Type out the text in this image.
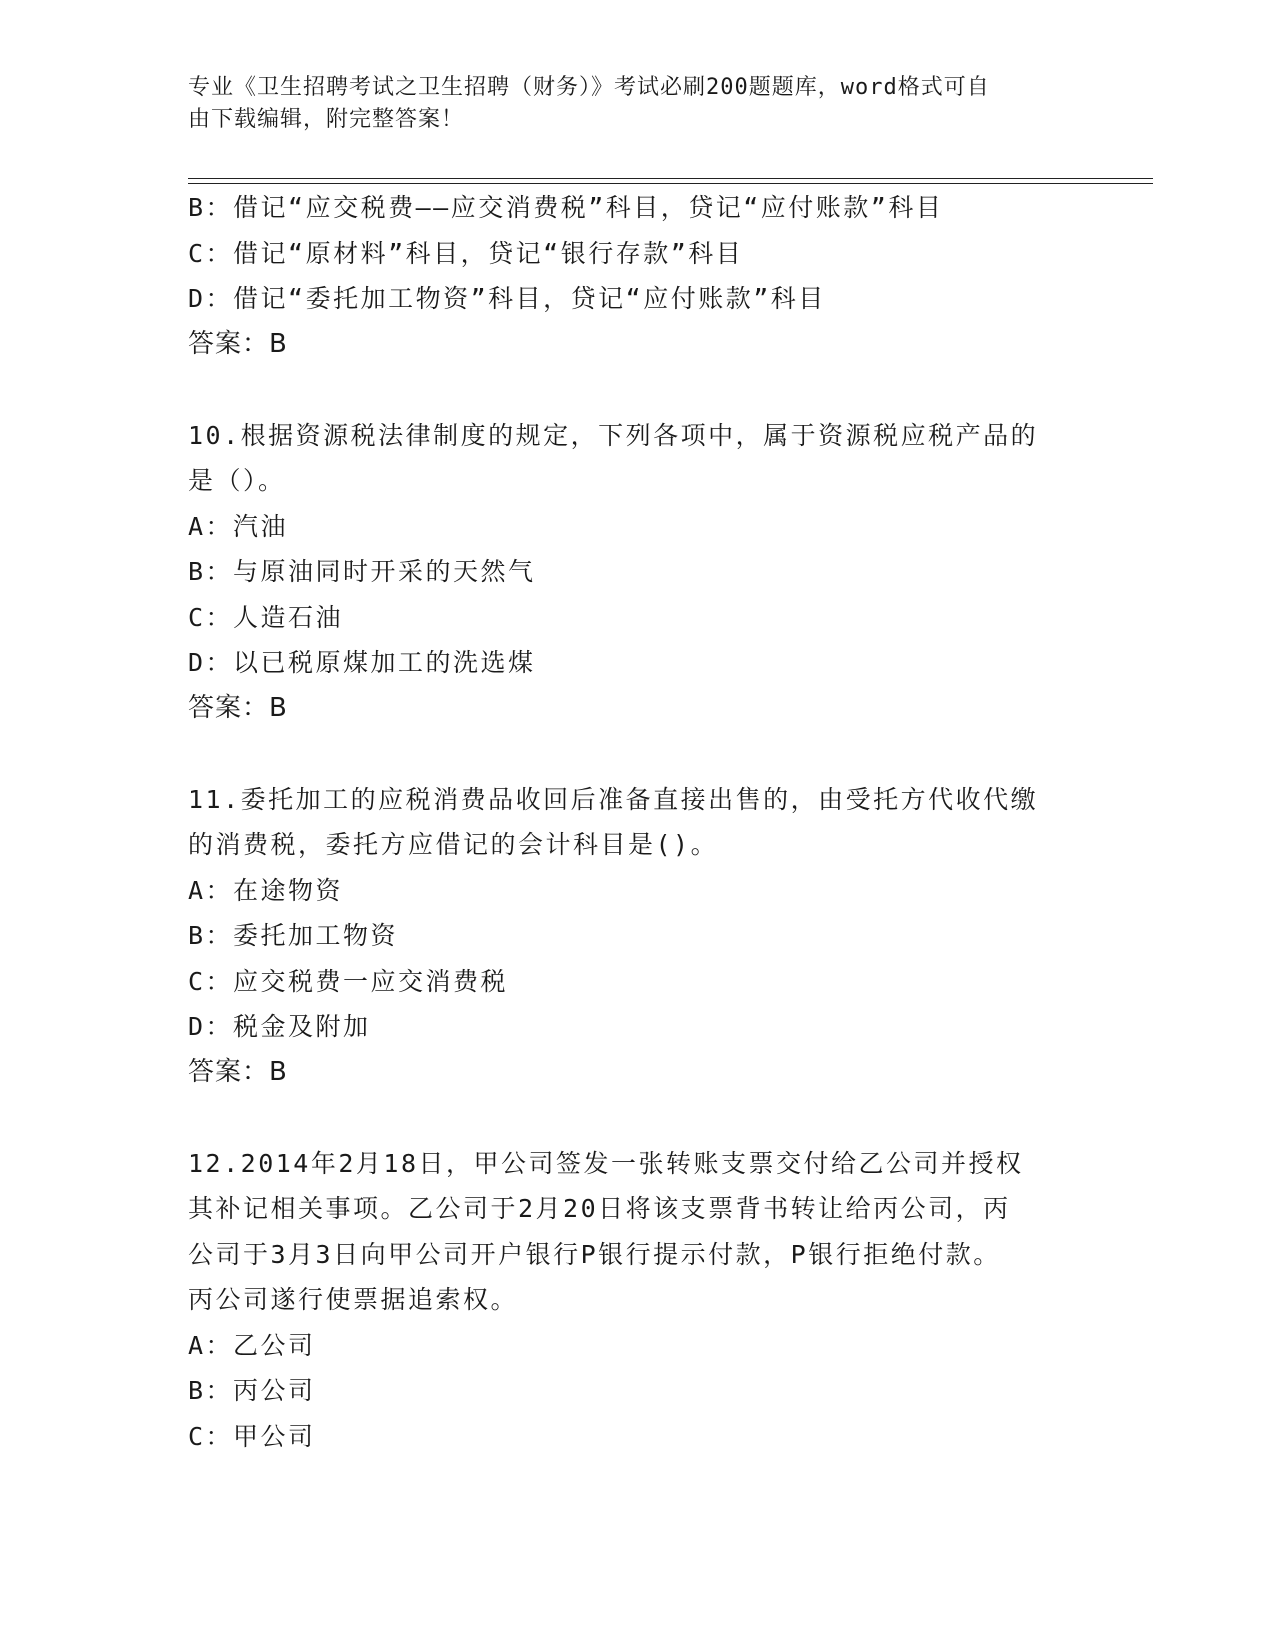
专业《卫生招聘考试之卫生招聘（财务）》考试必刷200题题库，word格式可自
由下载编辑，附完整答案！
B：借记“应交税费——应交消费税”科目，贷记“应付账款”科目
C：借记“原材料”科目，贷记“银行存款”科目
D：借记“委托加工物资”科目，贷记“应付账款”科目
答案：B
10.根据资源税法律制度的规定，下列各项中，属于资源税应税产品的
是（）。
A：汽油
B：与原油同时开采的天然气
C：人造石油
D：以已税原煤加工的洗选煤
答案：B
11.委托加工的应税消费品收回后准备直接出售的，由受托方代收代缴
的消费税，委托方应借记的会计科目是()。
A：在途物资
B：委托加工物资
C：应交税费一应交消费税
D：税金及附加
答案：B
12.2014年2月18日，甲公司签发一张转账支票交付给乙公司并授权
其补记相关事项。乙公司于2月20日将该支票背书转让给丙公司，丙
公司于3月3日向甲公司开户银行P银行提示付款，P银行拒绝付款。
丙公司遂行使票据追索权。
A：乙公司
B：丙公司
C：甲公司
